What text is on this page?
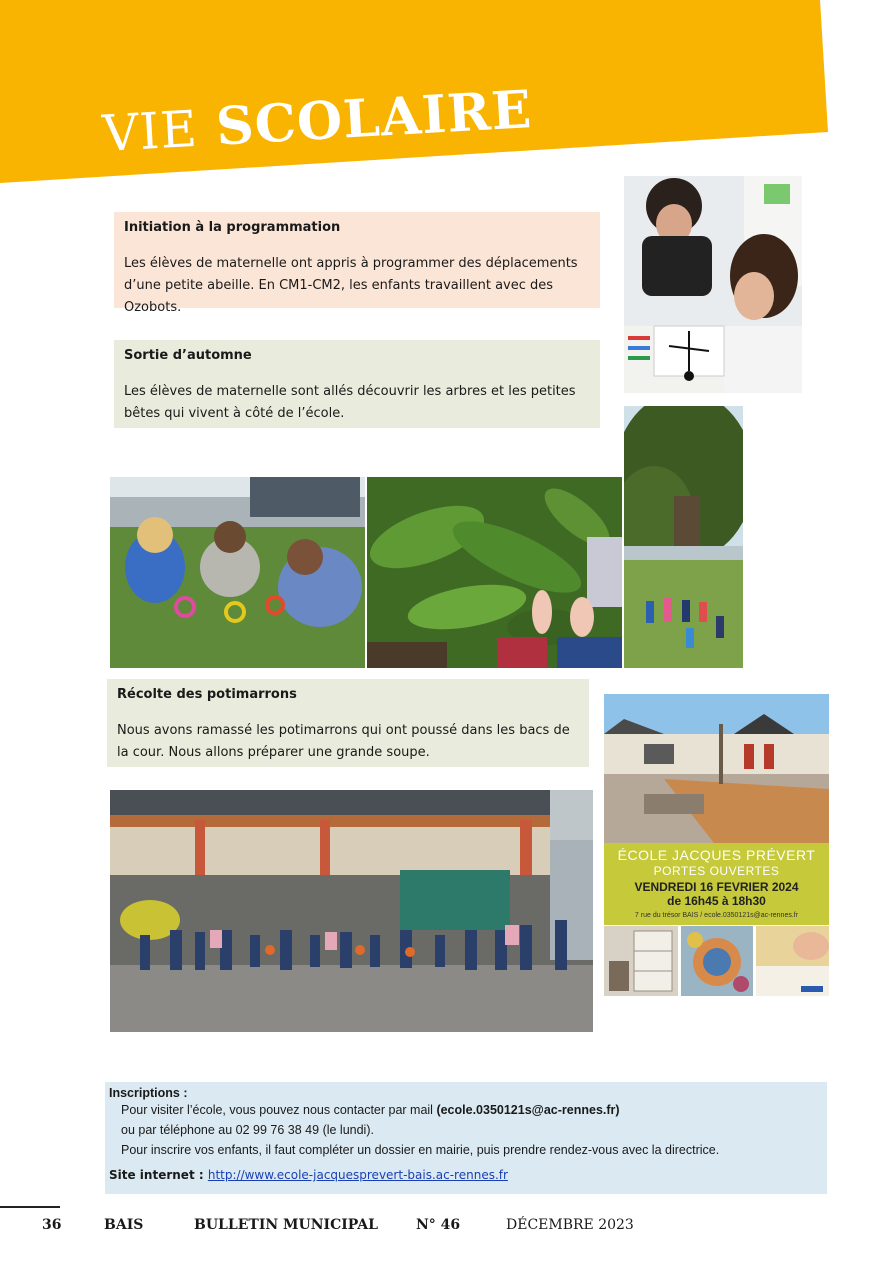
VIE SCOLAIRE
Initiation à la programmation

Les élèves de maternelle ont appris à programmer des déplacements d’une petite abeille. En CM1-CM2, les enfants travaillent avec des Ozobots.

Sortie d’automne

Les élèves de maternelle sont allés découvrir les arbres et les petites bêtes qui vivent à côté de l’école.

Récolte des potimarrons

Nous avons ramassé les potimarrons qui ont poussé dans les bacs de la cour. Nous allons préparer une grande soupe.

ÉCOLE JACQUES PRÉVERT
PORTES OUVERTES
VENDREDI 16 FEVRIER 2024
de 16h45 à 18h30
7 rue du trésor BAIS / ecole.0350121s@ac-rennes.fr
Inscriptions :
Pour visiter l’école, vous pouvez nous contacter par mail (ecole.0350121s@ac-rennes.fr)
ou par téléphone au 02 99 76 38 49 (le lundi).
Pour inscrire vos enfants, il faut compléter un dossier en mairie, puis prendre rendez-vous avec la directrice.
Site internet : http://www.ecole-jacquesprevert-bais.ac-rennes.fr
36	BAIS	BULLETIN MUNICIPAL	N° 46	DÉCEMBRE 2023
